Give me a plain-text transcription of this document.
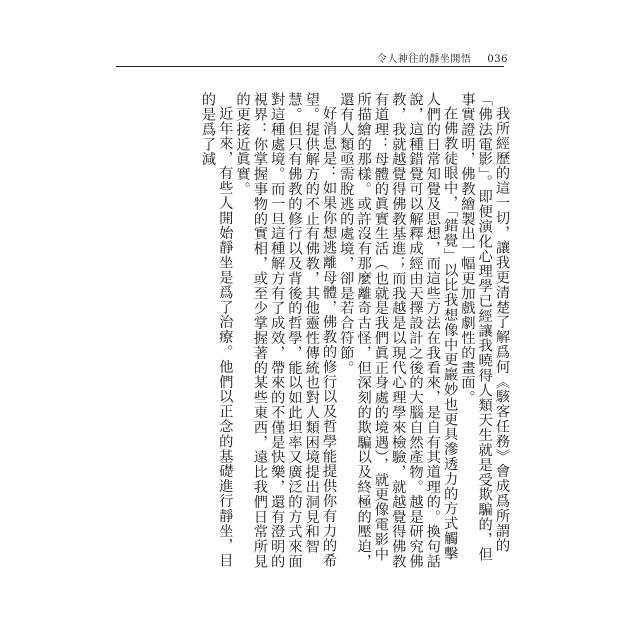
令人神往的靜坐開悟 036

我所經歷的這一切，讓我更清楚了解爲何《駭客任務》會成爲所謂的「佛法電影」。即便演化心理學已經讓我曉得人類天生就是受欺騙的，但事實證明，佛教繪製出一幅更加戲劇性的畫面。

在佛教徒眼中，「錯覺」以比我想像中更巖妙也更具滲透力的方式觸擊人們的日常知覺及思想，而這些方法在我看來，是自有其道理的。換句話說，這種錯覺可以解釋成經由天擇設計之後的大腦自然產物。越是研究佛教，我就越覺得佛教基進；而我越是以現代心理學來檢驗，就越覺得佛教有道理：母體的眞實生活（也就是我們眞正身處的境遇），就更像電影中所描繪的那樣。或許沒有那麼離奇古怪，但深刻的欺騙以及終極的壓迫，還有人類亟需脫逃的處境，卻是若合符節。

好消息是：如果你想逃離母體，佛教的修行以及哲學能提供你有力的希望。提供解方的不止有佛教，其他靈性傳統也對人類困境提出洞見和智慧。但只有佛教的修行以及背後的哲學，能以如此坦率又廣泛的方式來面對這種處境。而一旦這種解方有了成效，帶來的不僅是快樂，還有澄明的視界：你掌握事物的實相，或至少掌握著的某些東西，遠比我們日常所見的更接近眞實。

近年來，有些人開始靜坐是爲了治療。他們以正念的基礎進行靜坐，目的是爲了減
